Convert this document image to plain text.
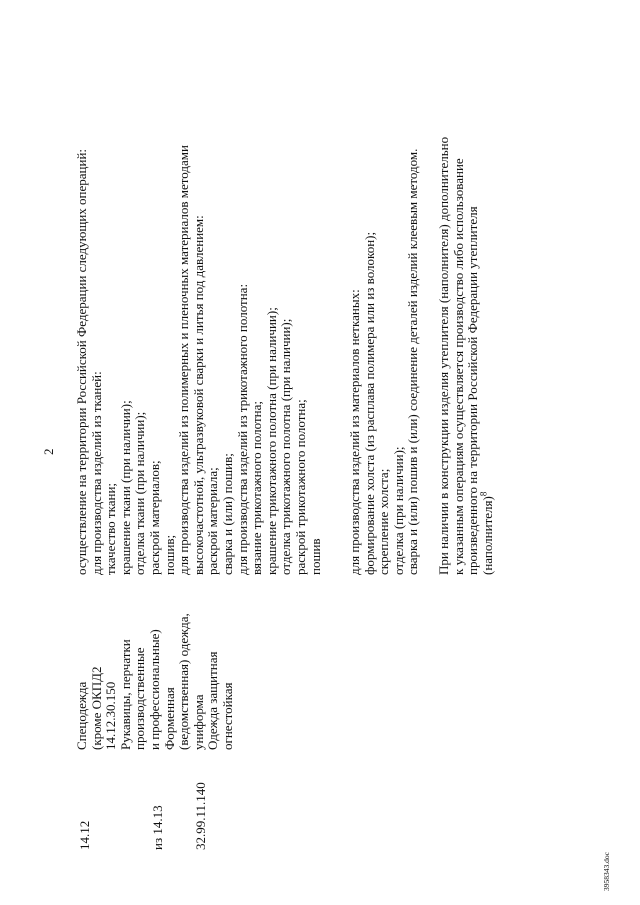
2
14.12	из 14.13 32.99.11.140
Спецодежда (кроме ОКПД2 14.12.30.150 Рукавицы, перчатки производственные и профессиональные) Форменная (ведомственная) одежда, униформа Одежда защитная огнестойкая
осуществление на территории Российской Федерации следующих операций: для производства изделий из тканей: ткачество ткани; крашение ткани (при наличии); отделка ткани (при наличии); раскрой материалов; пошив; для производства изделий из полимерных и пленочных материалов методами высокочастотной, ультразвуковой сварки и литья под давлением: раскрой материала; сварка и (или) пошив; для производства изделий из трикотажного полотна: вязание трикотажного полотна; крашение трикотажного полотна (при наличии); отделка трикотажного полотна (при наличии); раскрой трикотажного полотна; пошив для производства изделий из материалов нетканых: формирование холста (из расплава полимера или из волокон); скрепление холста; отделка (при наличии); сварка и (или) пошив и (или) соединение деталей изделий клеевым методом. При наличии в конструкции изделия утеплителя (наполнителя) дополнительно к указанным операциям осуществляется производство либо использование произведенного на территории Российской Федерации утеплителя (наполнителя)$^8$
3958343.doc
